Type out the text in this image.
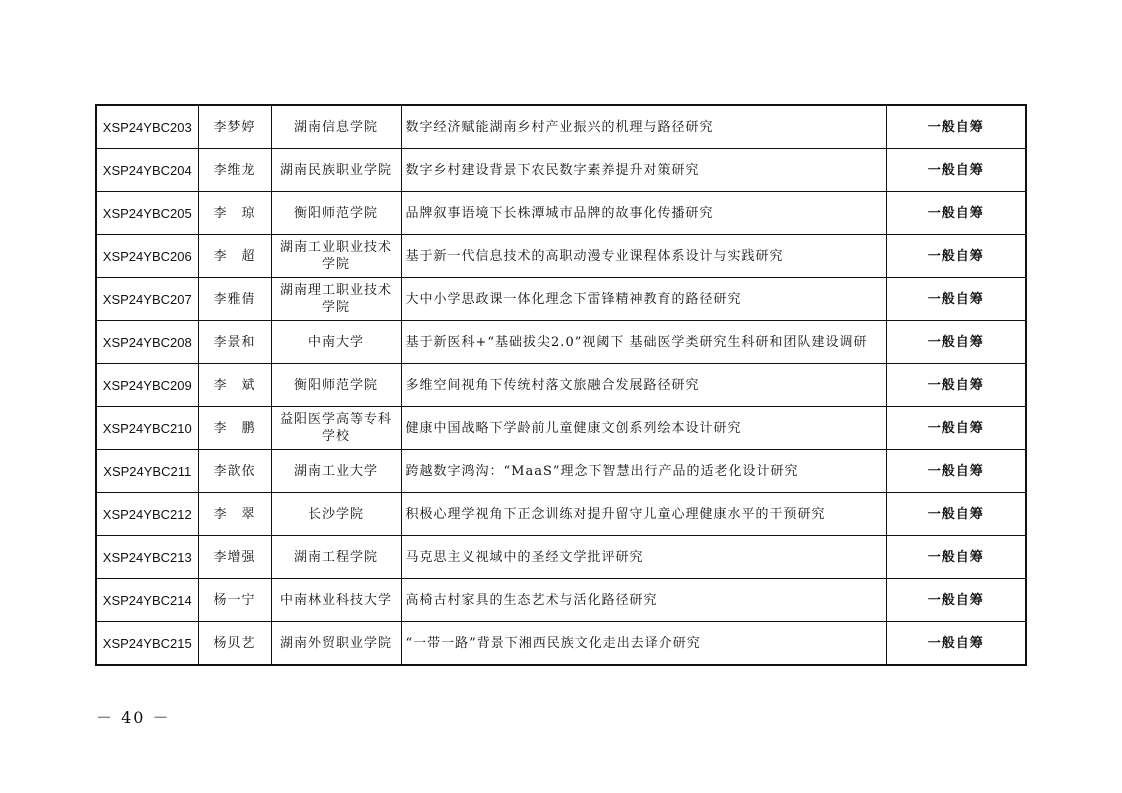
XSP24YBC203	李梦婷	湖南信息学院	数字经济赋能湖南乡村产业振兴的机理与路径研究	一般自筹
XSP24YBC204	李维龙	湖南民族职业学院	数字乡村建设背景下农民数字素养提升对策研究	一般自筹
XSP24YBC205	李　琼	衡阳师范学院	品牌叙事语境下长株潭城市品牌的故事化传播研究	一般自筹
XSP24YBC206	李　超	湖南工业职业技术学院	基于新一代信息技术的高职动漫专业课程体系设计与实践研究	一般自筹
XSP24YBC207	李雅倩	湖南理工职业技术学院	大中小学思政课一体化理念下雷锋精神教育的路径研究	一般自筹
XSP24YBC208	李景和	中南大学	基于新医科+“基础拔尖2.0”视阈下 基础医学类研究生科研和团队建设调研	一般自筹
XSP24YBC209	李　斌	衡阳师范学院	多维空间视角下传统村落文旅融合发展路径研究	一般自筹
XSP24YBC210	李　鹏	益阳医学高等专科学校	健康中国战略下学龄前儿童健康文创系列绘本设计研究	一般自筹
XSP24YBC211	李歆依	湖南工业大学	跨越数字鸿沟：“MaaS”理念下智慧出行产品的适老化设计研究	一般自筹
XSP24YBC212	李　翠	长沙学院	积极心理学视角下正念训练对提升留守儿童心理健康水平的干预研究	一般自筹
XSP24YBC213	李增强	湖南工程学院	马克思主义视域中的圣经文学批评研究	一般自筹
XSP24YBC214	杨一宁	中南林业科技大学	高椅古村家具的生态艺术与活化路径研究	一般自筹
XSP24YBC215	杨贝艺	湖南外贸职业学院	“一带一路”背景下湘西民族文化走出去译介研究	一般自筹
－ 40 －
